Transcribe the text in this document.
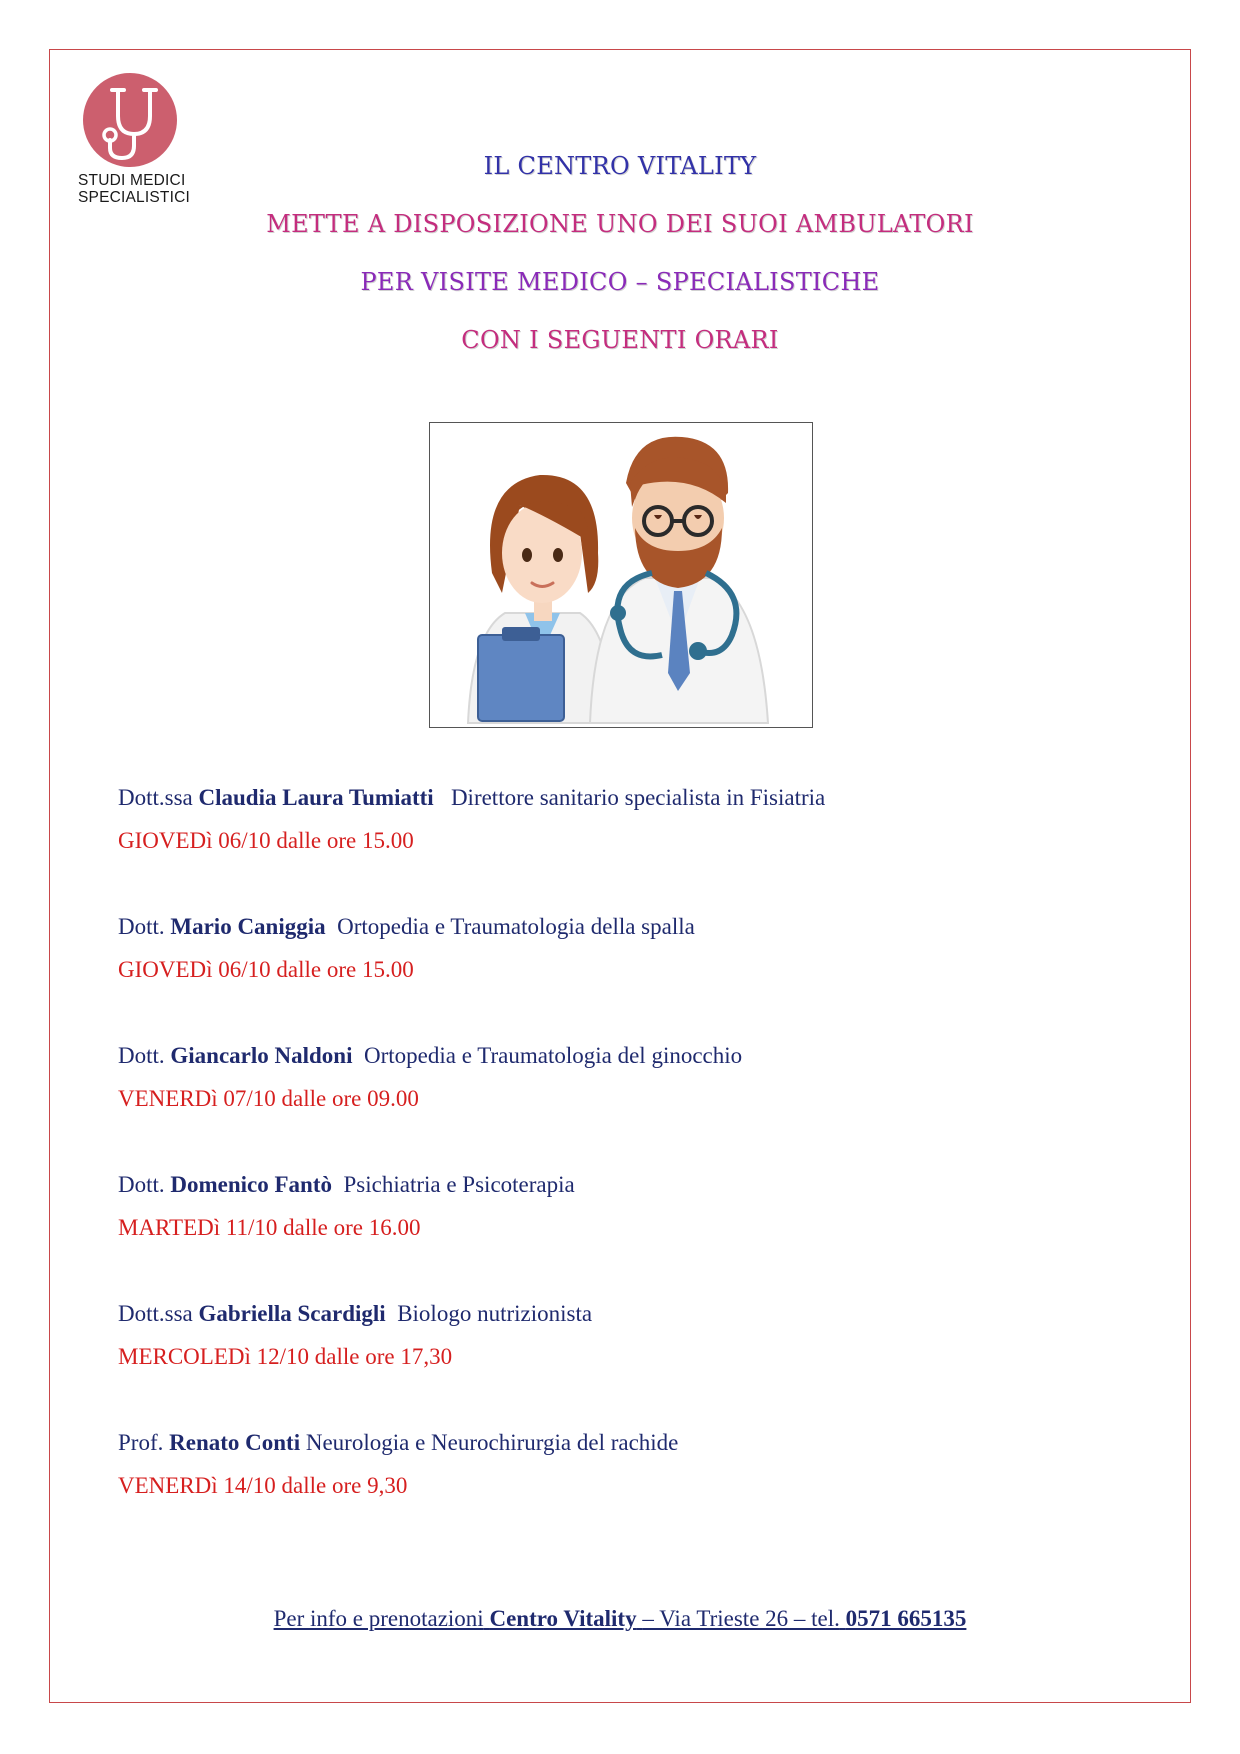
STUDI MEDICI
SPECIALISTICI
IL CENTRO VITALITY
METTE A DISPOSIZIONE UNO DEI SUOI AMBULATORI
PER VISITE MEDICO – SPECIALISTICHE
CON I SEGUENTI ORARI
Dott.ssa Claudia Laura Tumiatti Direttore sanitario specialista in Fisiatria
GIOVEDì 06/10 dalle ore 15.00
Dott. Mario Caniggia Ortopedia e Traumatologia della spalla
GIOVEDì 06/10 dalle ore 15.00
Dott. Giancarlo Naldoni Ortopedia e Traumatologia del ginocchio
VENERDì 07/10 dalle ore 09.00
Dott. Domenico Fantò Psichiatria e Psicoterapia
MARTEDì 11/10 dalle ore 16.00
Dott.ssa Gabriella Scardigli Biologo nutrizionista
MERCOLEDì 12/10 dalle ore 17,30
Prof. Renato Conti Neurologia e Neurochirurgia del rachide
VENERDì 14/10 dalle ore 9,30
Per info e prenotazioni Centro Vitality – Via Trieste 26 – tel. 0571 665135
